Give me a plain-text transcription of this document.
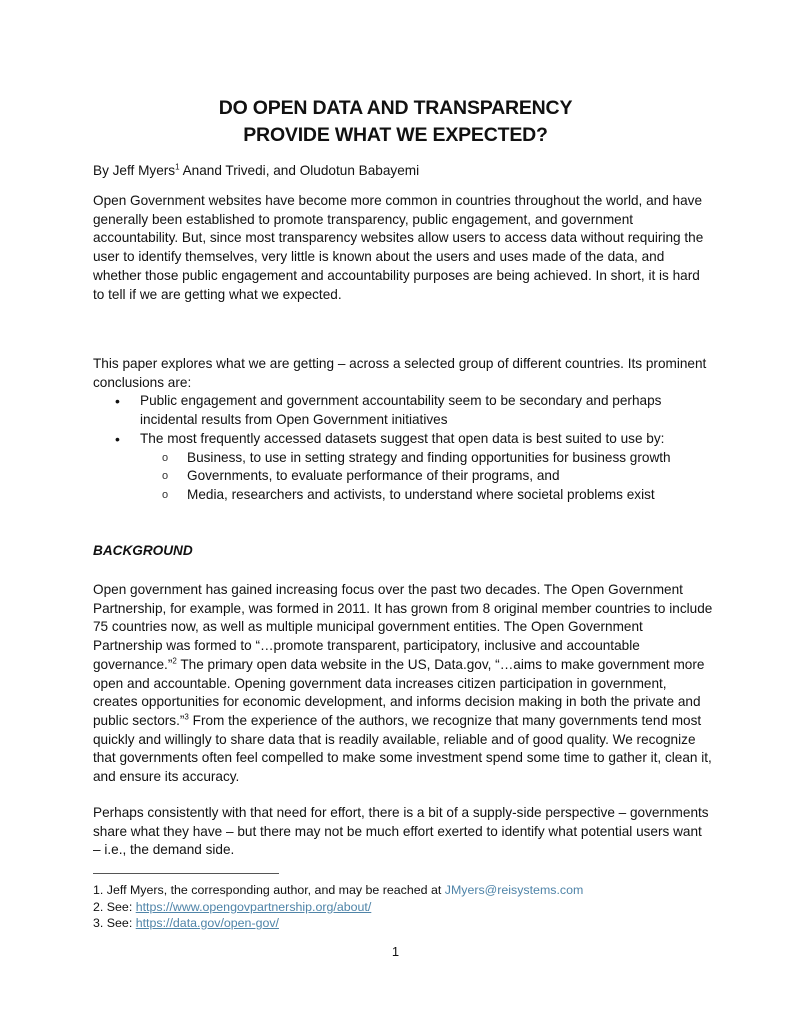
DO OPEN DATA AND TRANSPARENCY
PROVIDE WHAT WE EXPECTED?
By Jeff Myers$^1$ Anand Trivedi, and Oludotun Babayemi

Open Government websites have become more common in countries throughout the world, and have generally been established to promote transparency, public engagement, and government accountability. But, since most transparency websites allow users to access data without requiring the user to identify themselves, very little is known about the users and uses made of the data, and whether those public engagement and accountability purposes are being achieved. In short, it is hard to tell if we are getting what we expected.

This paper explores what we are getting – across a selected group of different countries. Its prominent conclusions are:

• Public engagement and government accountability seem to be secondary and perhaps incidental results from Open Government initiatives
• The most frequently accessed datasets suggest that open data is best suited to use by:
o Business, to use in setting strategy and finding opportunities for business growth
o Governments, to evaluate performance of their programs, and
o Media, researchers and activists, to understand where societal problems exist
BACKGROUND

Open government has gained increasing focus over the past two decades. The Open Government Partnership, for example, was formed in 2011. It has grown from 8 original member countries to include 75 countries now, as well as multiple municipal government entities. The Open Government Partnership was formed to “…promote transparent, participatory, inclusive and accountable governance.”$^2$ The primary open data website in the US, Data.gov, “…aims to make government more open and accountable. Opening government data increases citizen participation in government, creates opportunities for economic development, and informs decision making in both the private and public sectors.”$^3$ From the experience of the authors, we recognize that many governments tend most quickly and willingly to share data that is readily available, reliable and of good quality. We recognize that governments often feel compelled to make some investment spend some time to gather it, clean it, and ensure its accuracy.

Perhaps consistently with that need for effort, there is a bit of a supply-side perspective – governments share what they have – but there may not be much effort exerted to identify what potential users want – i.e., the demand side.

1. Jeff Myers, the corresponding author, and may be reached at JMyers@reisystems.com
2. See: https://www.opengovpartnership.org/about/
3. See: https://data.gov/open-gov/
1
